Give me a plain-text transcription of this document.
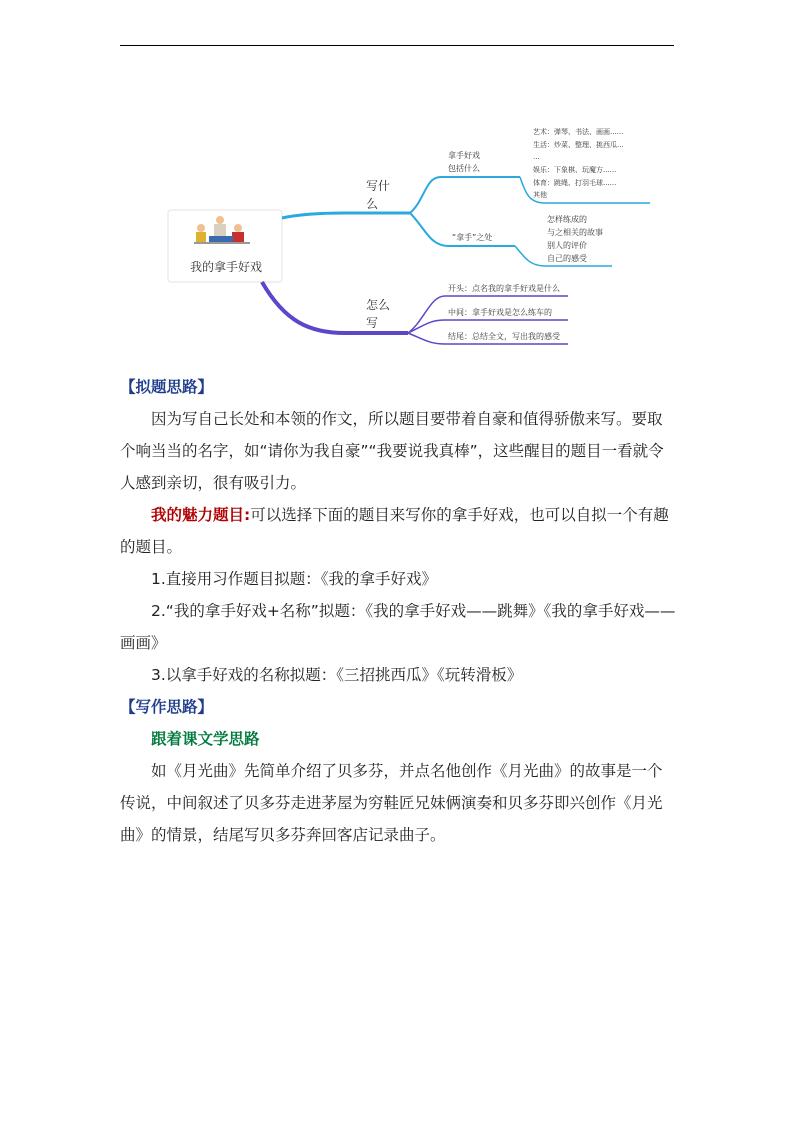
我的拿手好戏
写什
么
拿手好戏
包括什么
“拿手”之处
艺术：弹琴、书法、画画......
生活：炒菜、整理、挑西瓜...
...
娱乐：下象棋、玩魔方......
体育：跳绳、打羽毛球......
其他
怎样练成的
与之相关的故事
别人的评价
自己的感受
怎么
写
开头：点名我的拿手好戏是什么
中间：拿手好戏是怎么练车的
结尾：总结全文，写出我的感受
【拟题思路】
因为写自己长处和本领的作文，所以题目要带着自豪和值得骄傲来写。要取个响当当的名字，如“请你为我自豪”“我要说我真棒”，这些醒目的题目一看就令人感到亲切，很有吸引力。
我的魅力题目:可以选择下面的题目来写你的拿手好戏，也可以自拟一个有趣的题目。
1.直接用习作题目拟题：《我的拿手好戏》
2.“我的拿手好戏+名称”拟题：《我的拿手好戏——跳舞》《我的拿手好戏——画画》
3.以拿手好戏的名称拟题：《三招挑西瓜》《玩转滑板》
【写作思路】
跟着课文学思路
如《月光曲》先简单介绍了贝多芬，并点名他创作《月光曲》的故事是一个传说，中间叙述了贝多芬走进茅屋为穷鞋匠兄妹俩演奏和贝多芬即兴创作《月光曲》的情景，结尾写贝多芬奔回客店记录曲子。
